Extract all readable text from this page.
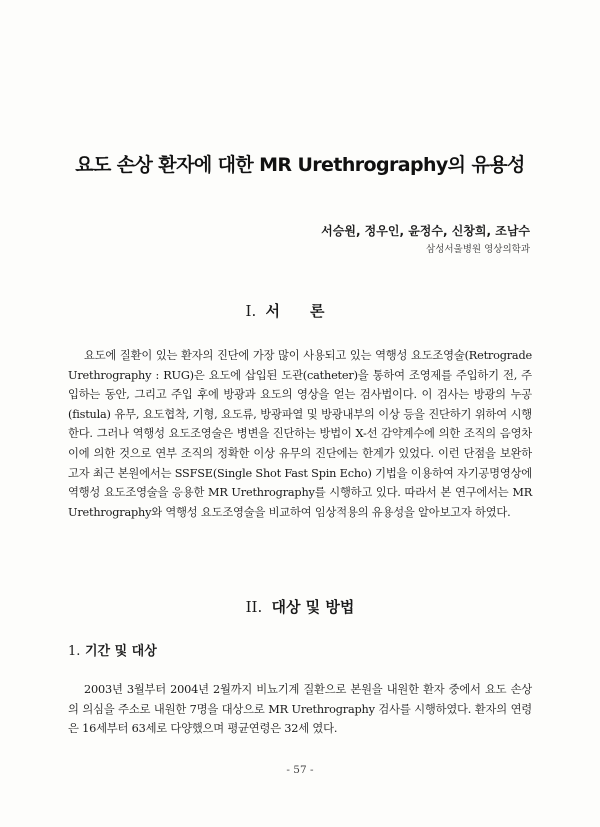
요도 손상 환자에 대한 MR Urethrography의 유용성
서승원, 정우인, 윤정수, 신창희, 조남수
삼성서울병원 영상의학과
I. 서론

요도에 질환이 있는 환자의 진단에 가장 많이 사용되고 있는 역행성 요도조영술(Retrograde Urethrography : RUG)은 요도에 삽입된 도관(catheter)을 통하여 조영제를 주입하기 전, 주입하는 동안, 그리고 주입 후에 방광과 요도의 영상을 얻는 검사법이다. 이 검사는 방광의 누공(fistula) 유무, 요도협착, 기형, 요도류, 방광파열 및 방광내부의 이상 등을 진단하기 위하여 시행한다. 그러나 역행성 요도조영술은 병변을 진단하는 방법이 X-선 감약계수에 의한 조직의 음영차이에 의한 것으로 연부 조직의 정확한 이상 유무의 진단에는 한계가 있었다. 이런 단점을 보완하고자 최근 본원에서는 SSFSE(Single Shot Fast Spin Echo) 기법을 이용하여 자기공명영상에 역행성 요도조영술을 응용한 MR Urethrography를 시행하고 있다. 따라서 본 연구에서는 MR Urethrography와 역행성 요도조영술을 비교하여 임상적용의 유용성을 알아보고자 하였다.

II. 대상 및 방법
1. 기간 및 대상

2003년 3월부터 2004년 2월까지 비뇨기계 질환으로 본원을 내원한 환자 중에서 요도 손상의 의심을 주소로 내원한 7명을 대상으로 MR Urethrography 검사를 시행하였다. 환자의 연령은 16세부터 63세로 다양했으며 평균연령은 32세 였다.

- 57 -
